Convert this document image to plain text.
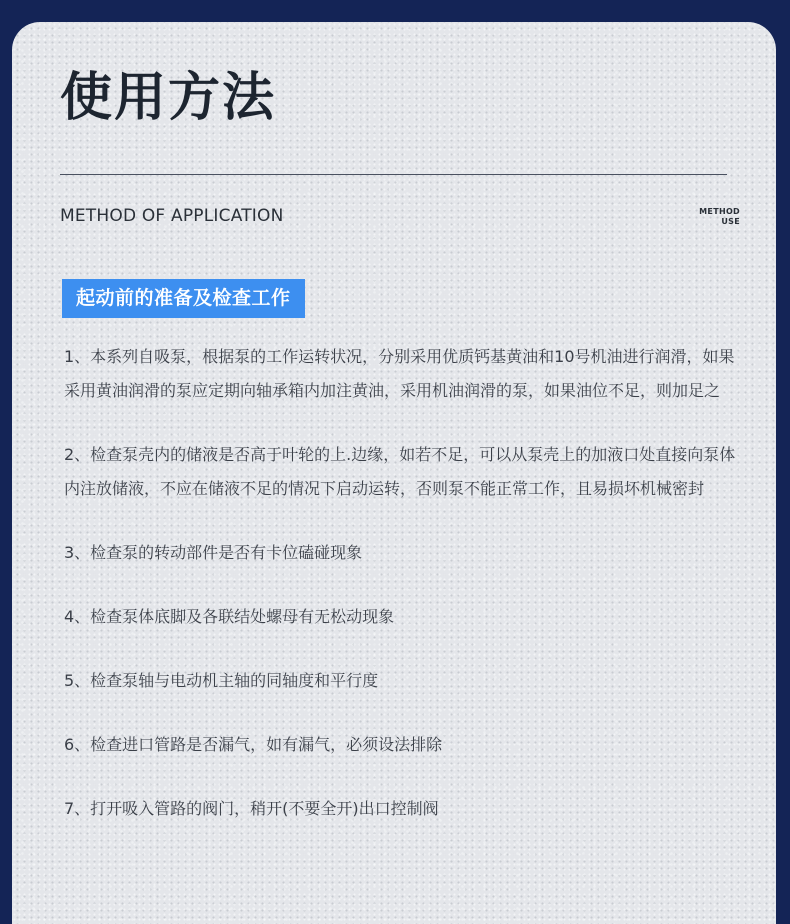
使用方法
METHOD OF APPLICATION	METHOD
USE
起动前的准备及检查工作

1、本系列自吸泵，根据泵的工作运转状况，分别采用优质钙基黄油和10号机油进行润滑，如果采用黄油润滑的泵应定期向轴承箱内加注黄油，采用机油润滑的泵，如果油位不足，则加足之

2、检查泵壳内的储液是否高于叶轮的上.边缘，如若不足，可以从泵壳上的加液口处直接向泵体内注放储液，不应在储液不足的情况下启动运转，否则泵不能正常工作，且易损坏机械密封

3、检查泵的转动部件是否有卡位磕碰现象

4、检查泵体底脚及各联结处螺母有无松动现象

5、检查泵轴与电动机主轴的同轴度和平行度

6、检查进口管路是否漏气，如有漏气，必须设法排除

7、打开吸入管路的阀门，稍开(不要全开)出口控制阀
